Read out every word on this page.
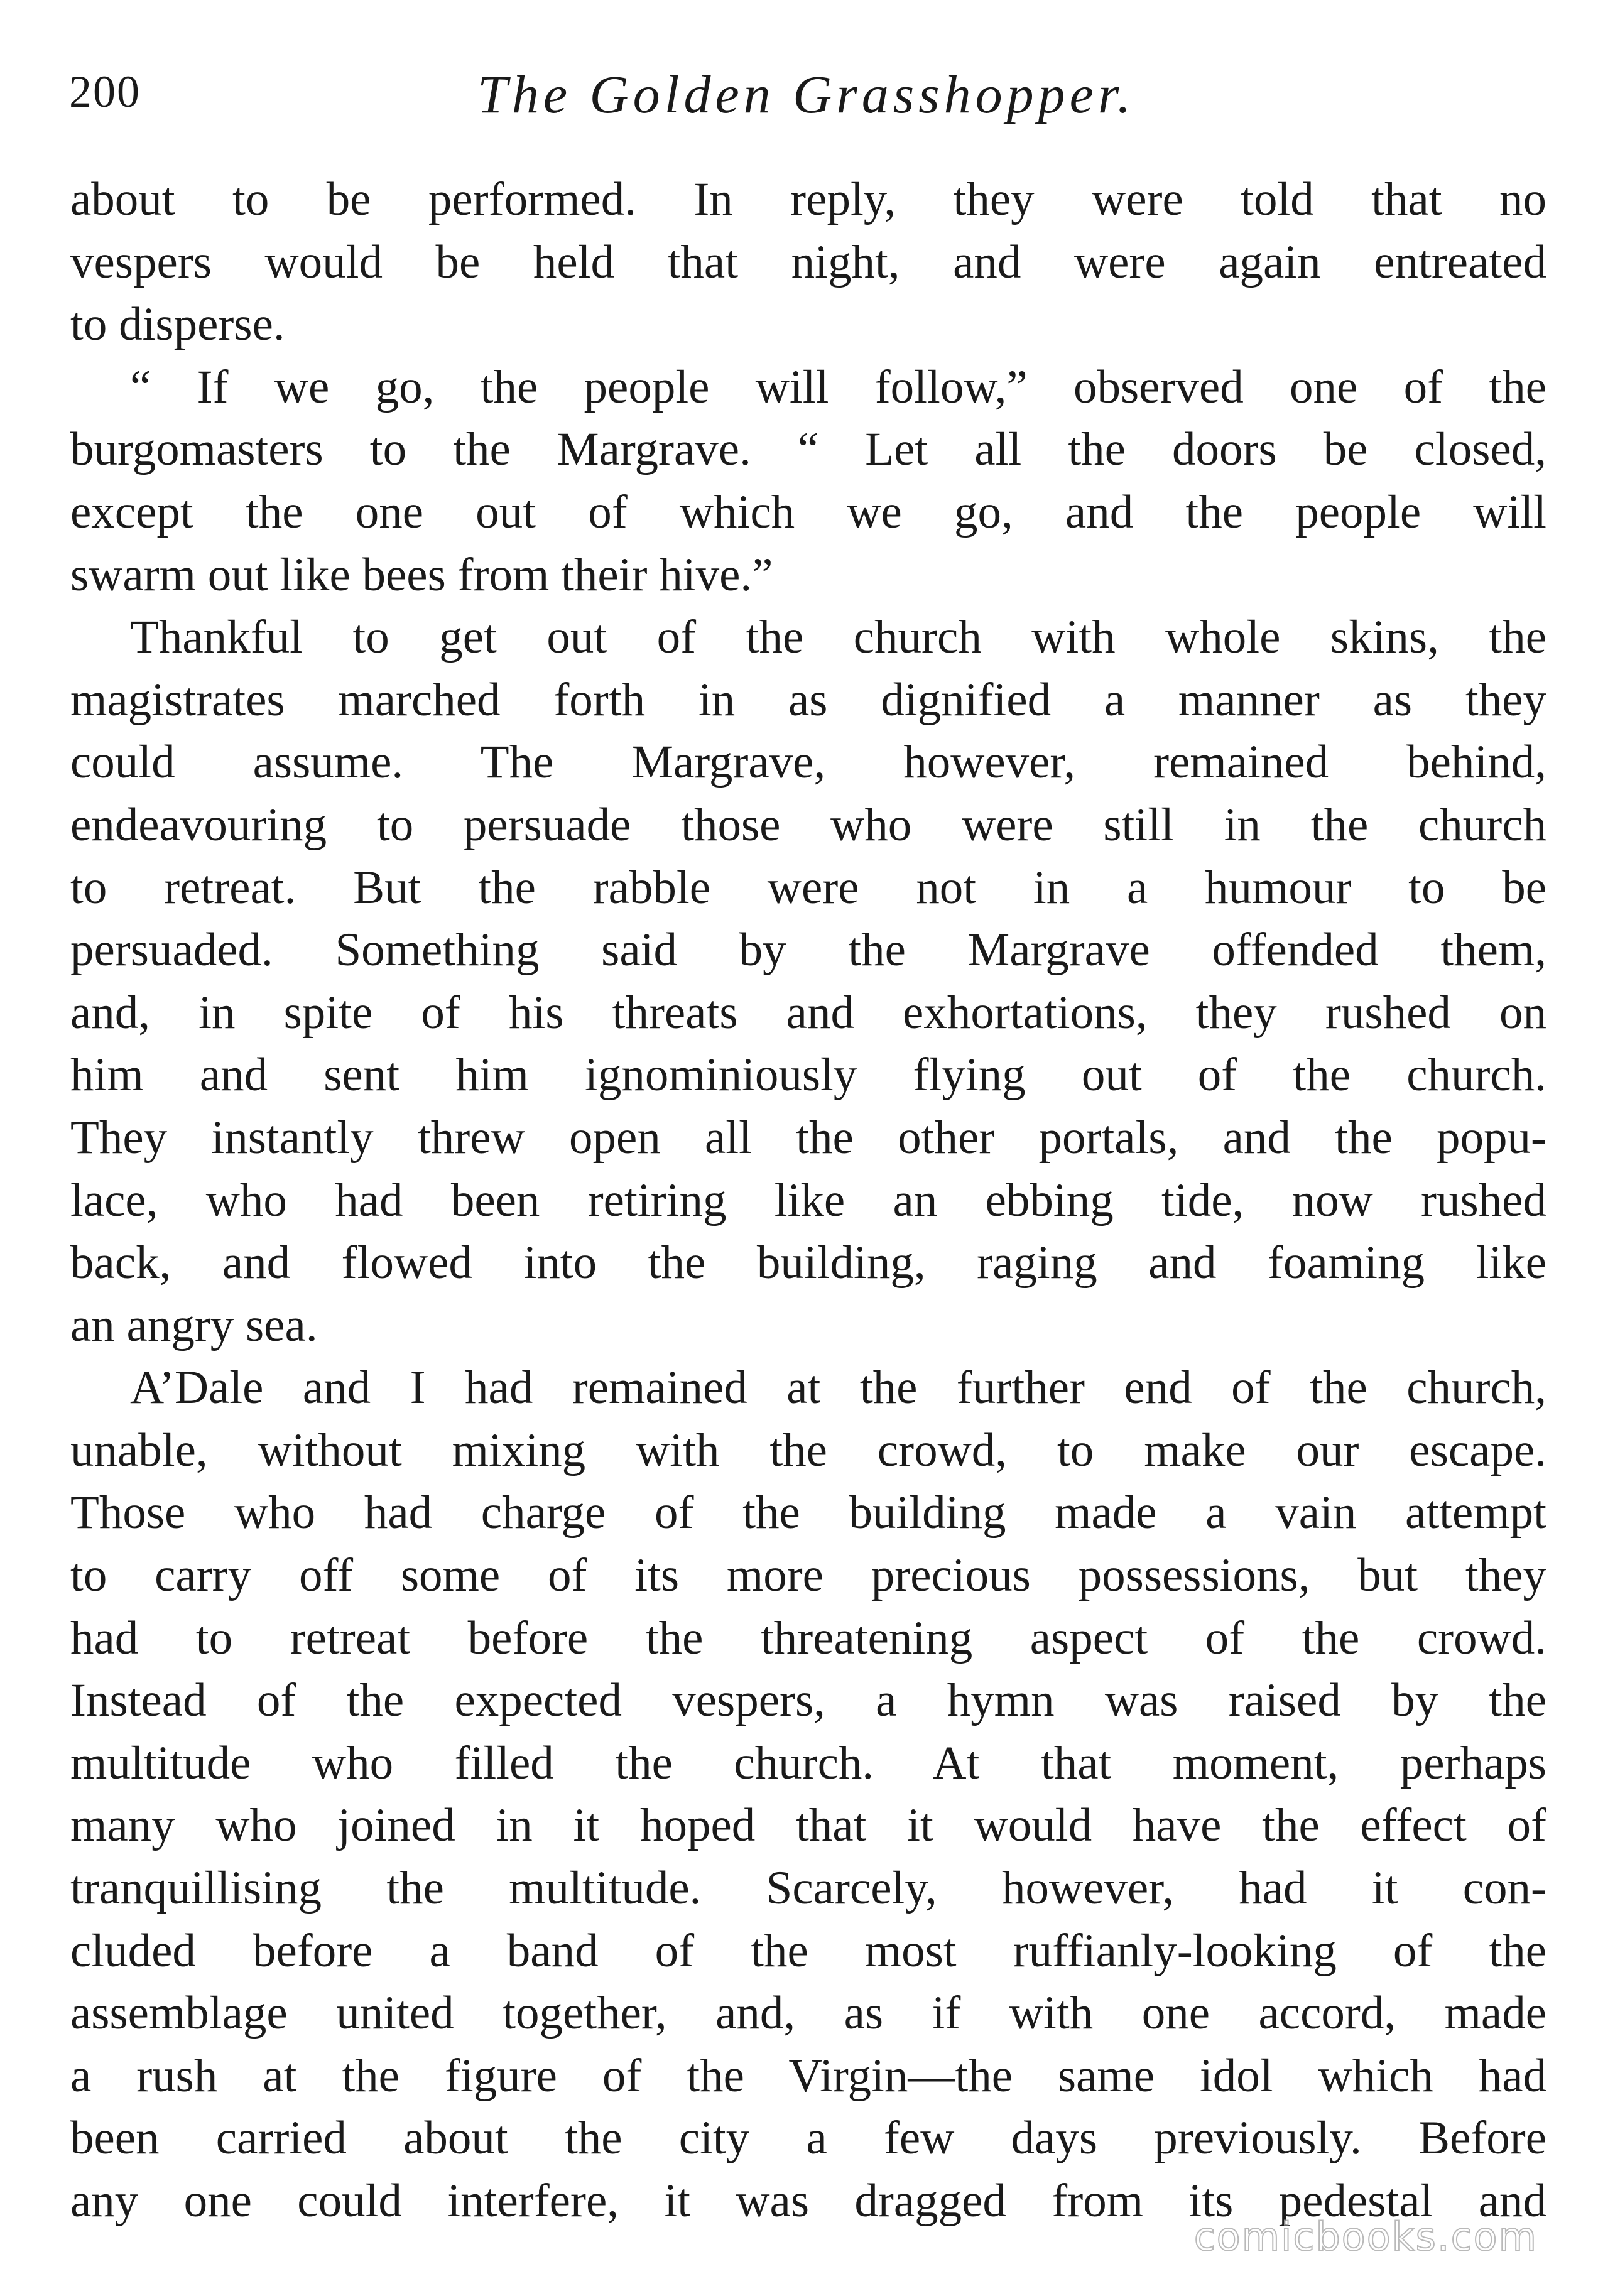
200	The Golden Grasshopper.
about to be performed. In reply, they were told that no
vespers would be held that night, and were again entreated
to disperse.
“ If we go, the people will follow,” observed one of the
burgomasters to the Margrave. “ Let all the doors be closed,
except the one out of which we go, and the people will
swarm out like bees from their hive.”
Thankful to get out of the church with whole skins, the
magistrates marched forth in as dignified a manner as they
could assume. The Margrave, however, remained behind,
endeavouring to persuade those who were still in the church
to retreat. But the rabble were not in a humour to be
persuaded. Something said by the Margrave offended them,
and, in spite of his threats and exhortations, they rushed on
him and sent him ignominiously flying out of the church.
They instantly threw open all the other portals, and the popu-
lace, who had been retiring like an ebbing tide, now rushed
back, and flowed into the building, raging and foaming like
an angry sea.
A’Dale and I had remained at the further end of the church,
unable, without mixing with the crowd, to make our escape.
Those who had charge of the building made a vain attempt
to carry off some of its more precious possessions, but they
had to retreat before the threatening aspect of the crowd.
Instead of the expected vespers, a hymn was raised by the
multitude who filled the church. At that moment, perhaps
many who joined in it hoped that it would have the effect of
tranquillising the multitude. Scarcely, however, had it con-
cluded before a band of the most ruffianly-looking of the
assemblage united together, and, as if with one accord, made
a rush at the figure of the Virgin—the same idol which had
been carried about the city a few days previously. Before
any one could interfere, it was dragged from its pedestal and
comicbooks.com
